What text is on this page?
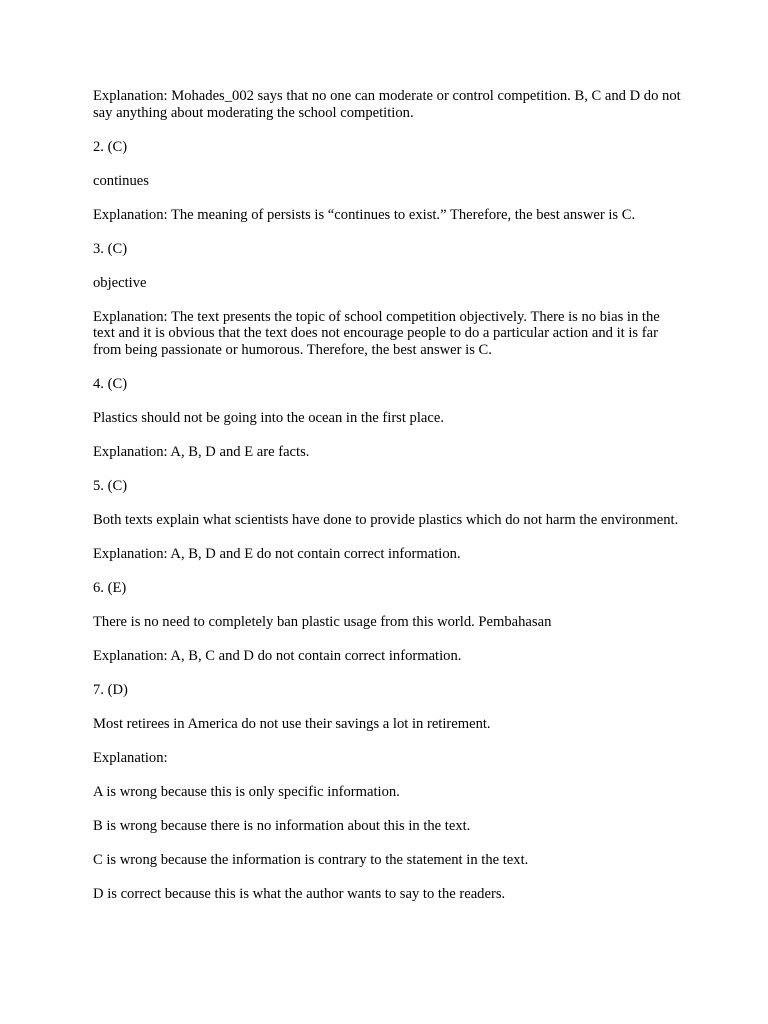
Explanation: Mohades_002 says that no one can moderate or control competition. B, C and D do not say anything about moderating the school competition.

2. (C)

continues

Explanation: The meaning of persists is “continues to exist.” Therefore, the best answer is C.

3. (C)

objective

Explanation: The text presents the topic of school competition objectively. There is no bias in the text and it is obvious that the text does not encourage people to do a particular action and it is far from being passionate or humorous. Therefore, the best answer is C.

4. (C)

Plastics should not be going into the ocean in the first place.

Explanation: A, B, D and E are facts.

5. (C)

Both texts explain what scientists have done to provide plastics which do not harm the environment.

Explanation: A, B, D and E do not contain correct information.

6. (E)

There is no need to completely ban plastic usage from this world. Pembahasan

Explanation: A, B, C and D do not contain correct information.

7. (D)

Most retirees in America do not use their savings a lot in retirement.

Explanation:

A is wrong because this is only specific information.

B is wrong because there is no information about this in the text.

C is wrong because the information is contrary to the statement in the text.

D is correct because this is what the author wants to say to the readers.
